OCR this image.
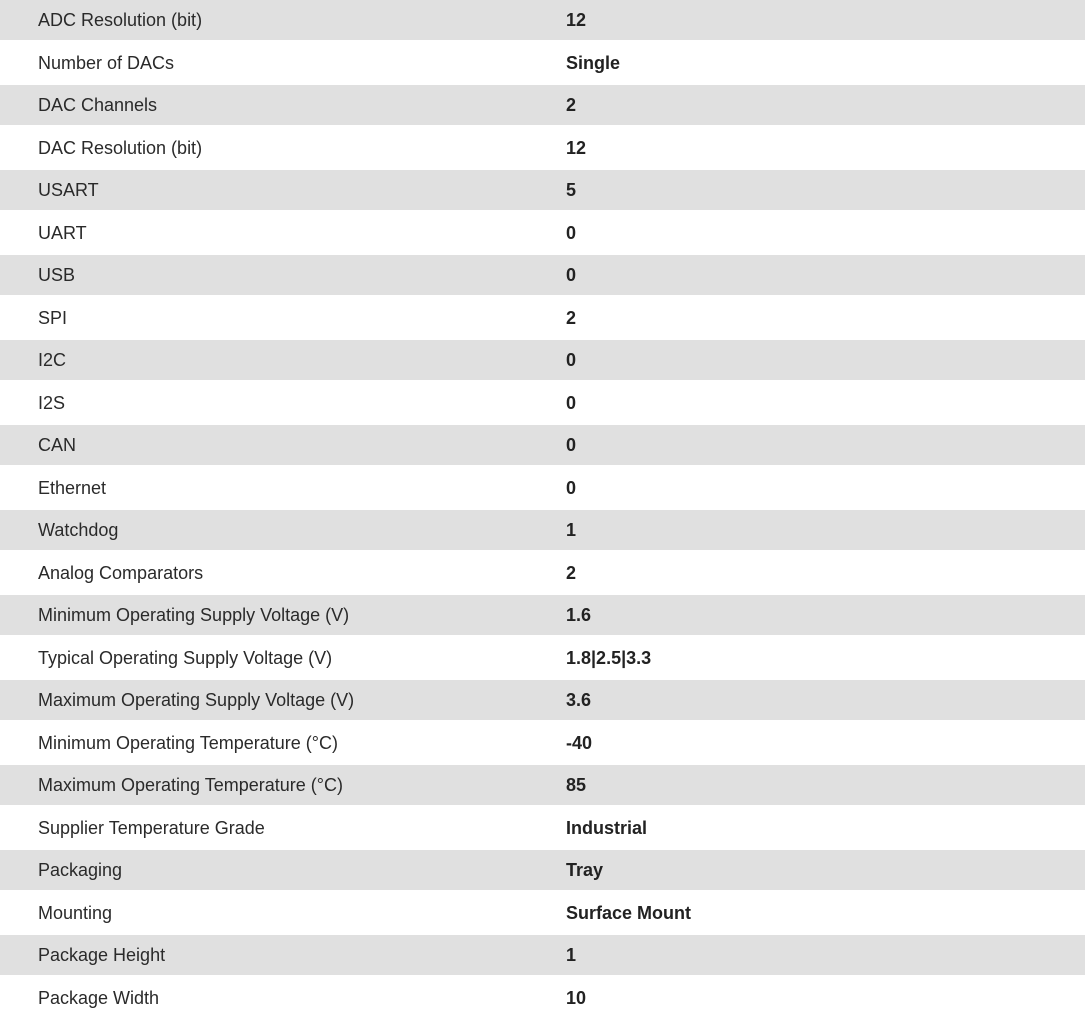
ADC Resolution (bit)	12
Number of DACs	Single
DAC Channels	2
DAC Resolution (bit)	12
USART	5
UART	0
USB	0
SPI	2
I2C	0
I2S	0
CAN	0
Ethernet	0
Watchdog	1
Analog Comparators	2
Minimum Operating Supply Voltage (V)	1.6
Typical Operating Supply Voltage (V)	1.8|2.5|3.3
Maximum Operating Supply Voltage (V)	3.6
Minimum Operating Temperature (°C)	-40
Maximum Operating Temperature (°C)	85
Supplier Temperature Grade	Industrial
Packaging	Tray
Mounting	Surface Mount
Package Height	1
Package Width	10
